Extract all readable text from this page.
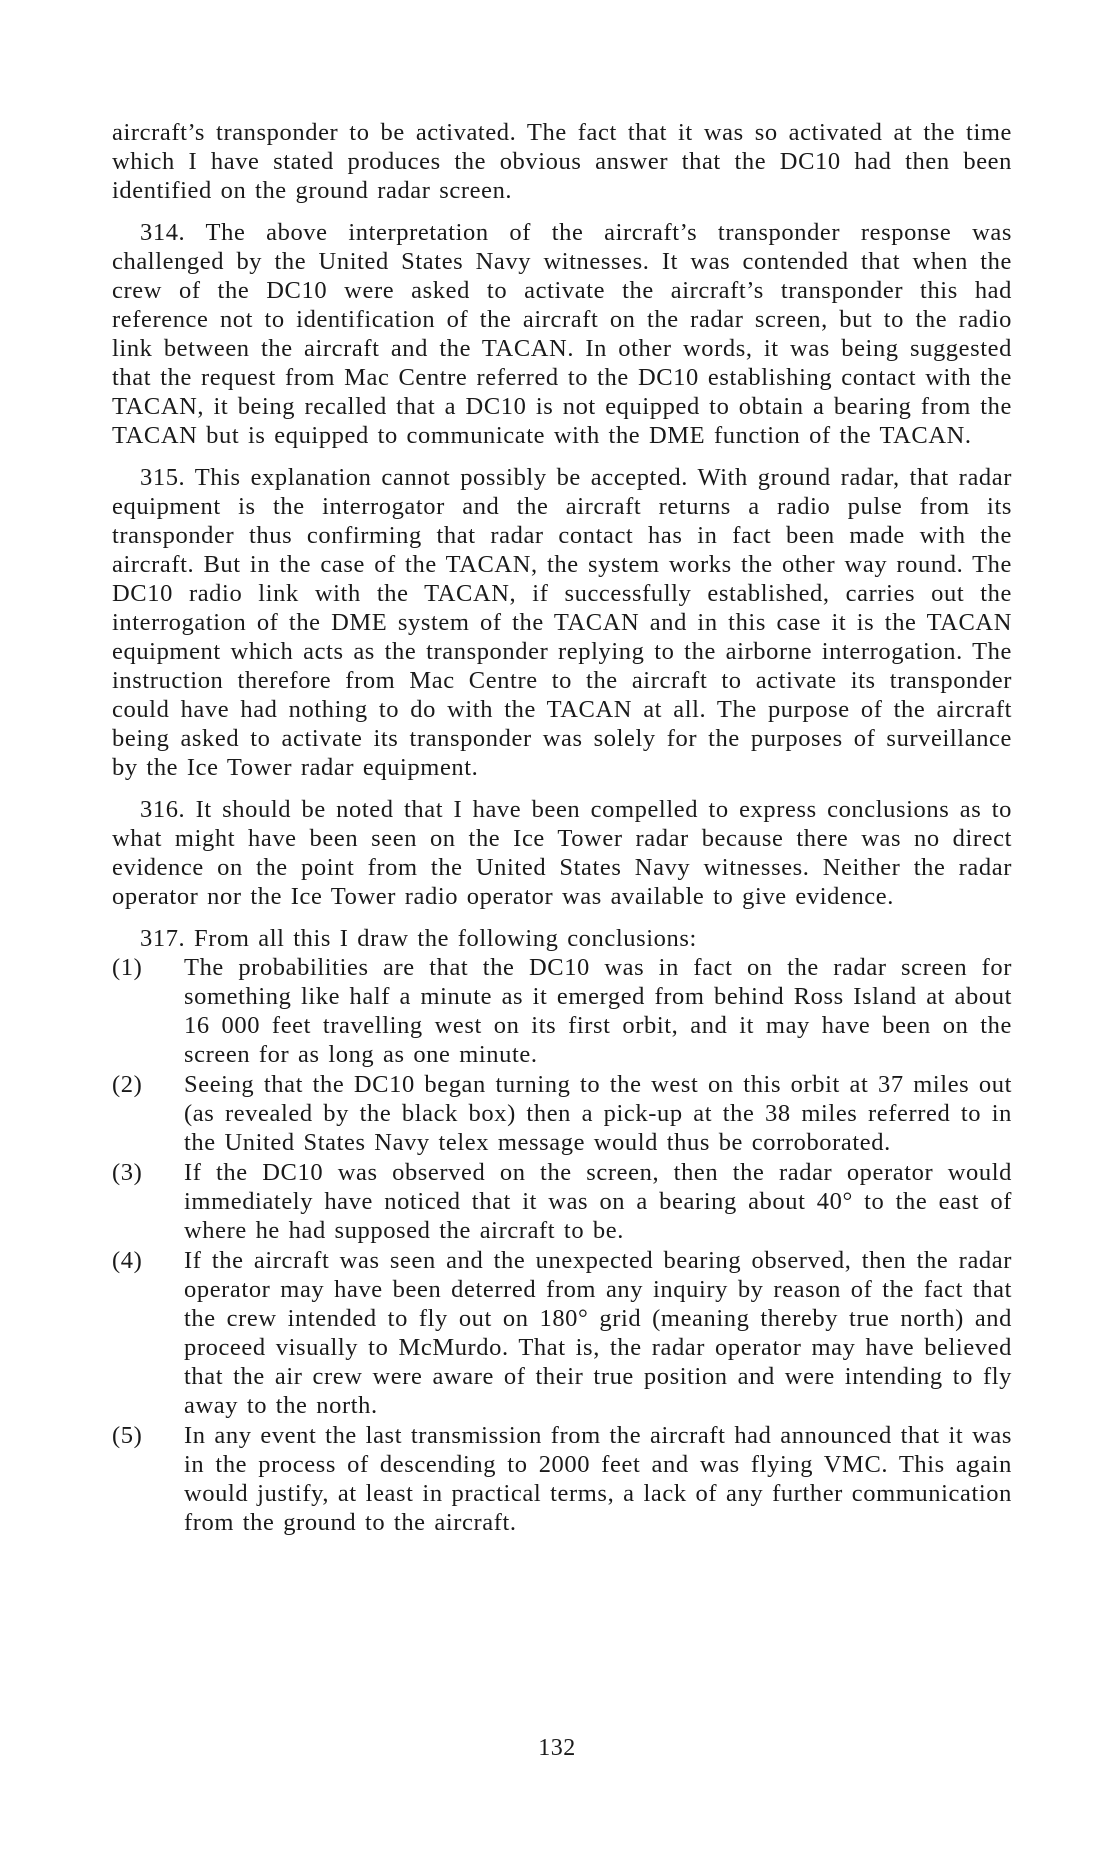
aircraft’s transponder to be activated. The fact that it was so activated at the time which I have stated produces the obvious answer that the DC10 had then been identified on the ground radar screen.

314. The above interpretation of the aircraft’s transponder response was challenged by the United States Navy witnesses. It was contended that when the crew of the DC10 were asked to activate the aircraft’s transponder this had reference not to identification of the aircraft on the radar screen, but to the radio link between the aircraft and the TACAN. In other words, it was being suggested that the request from Mac Centre referred to the DC10 establishing contact with the TACAN, it being recalled that a DC10 is not equipped to obtain a bearing from the TACAN but is equipped to communicate with the DME function of the TACAN.

315. This explanation cannot possibly be accepted. With ground radar, that radar equipment is the interrogator and the aircraft returns a radio pulse from its transponder thus confirming that radar contact has in fact been made with the aircraft. But in the case of the TACAN, the system works the other way round. The DC10 radio link with the TACAN, if successfully established, carries out the interrogation of the DME system of the TACAN and in this case it is the TACAN equipment which acts as the transponder replying to the airborne interrogation. The instruction therefore from Mac Centre to the aircraft to activate its transponder could have had nothing to do with the TACAN at all. The purpose of the aircraft being asked to activate its transponder was solely for the purposes of surveillance by the Ice Tower radar equipment.

316. It should be noted that I have been compelled to express conclusions as to what might have been seen on the Ice Tower radar because there was no direct evidence on the point from the United States Navy witnesses. Neither the radar operator nor the Ice Tower radio operator was available to give evidence.

317. From all this I draw the following conclusions:

(1)	The probabilities are that the DC10 was in fact on the radar screen for something like half a minute as it emerged from behind Ross Island at about 16 000 feet travelling west on its first orbit, and it may have been on the screen for as long as one minute.
(2)	Seeing that the DC10 began turning to the west on this orbit at 37 miles out (as revealed by the black box) then a pick-up at the 38 miles referred to in the United States Navy telex message would thus be corroborated.
(3)	If the DC10 was observed on the screen, then the radar operator would immediately have noticed that it was on a bearing about 40° to the east of where he had supposed the aircraft to be.
(4)	If the aircraft was seen and the unexpected bearing observed, then the radar operator may have been deterred from any inquiry by reason of the fact that the crew intended to fly out on 180° grid (meaning thereby true north) and proceed visually to McMurdo. That is, the radar operator may have believed that the air crew were aware of their true position and were intending to fly away to the north.
(5)	In any event the last transmission from the aircraft had announced that it was in the process of descending to 2000 feet and was flying VMC. This again would justify, at least in practical terms, a lack of any further communication from the ground to the aircraft.
132
